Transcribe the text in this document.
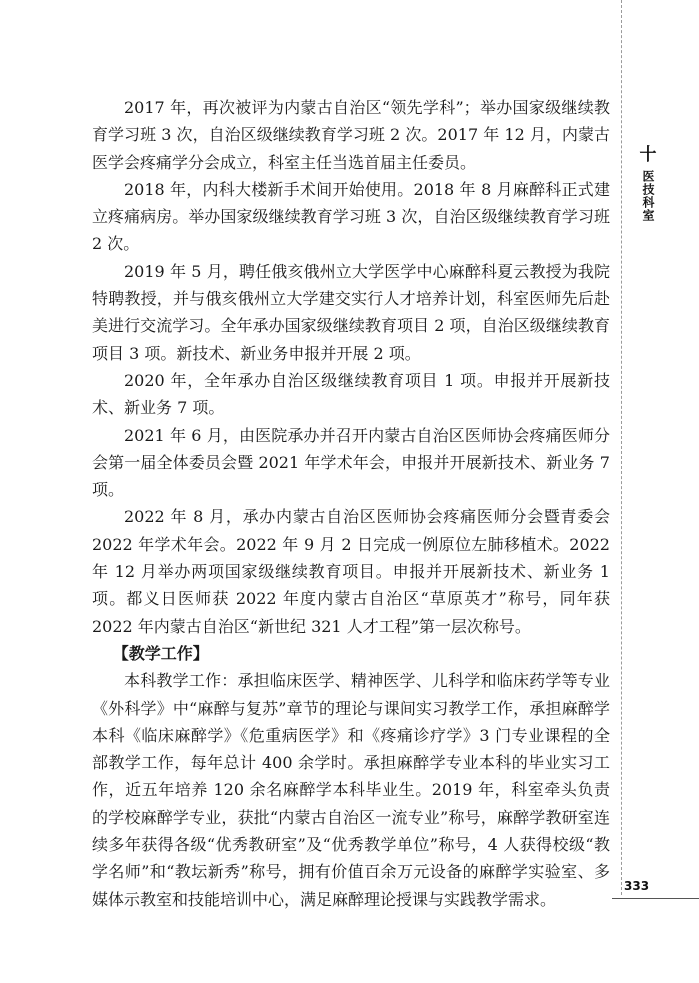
十
医技科室

2017 年，再次被评为内蒙古自治区“领先学科”；举办国家级继续教育学习班 3 次，自治区级继续教育学习班 2 次。2017 年 12 月，内蒙古医学会疼痛学分会成立，科室主任当选首届主任委员。

2018 年，内科大楼新手术间开始使用。2018 年 8 月麻醉科正式建立疼痛病房。举办国家级继续教育学习班 3 次，自治区级继续教育学习班 2 次。

2019 年 5 月，聘任俄亥俄州立大学医学中心麻醉科夏云教授为我院特聘教授，并与俄亥俄州立大学建交实行人才培养计划，科室医师先后赴美进行交流学习。全年承办国家级继续教育项目 2 项，自治区级继续教育项目 3 项。新技术、新业务申报并开展 2 项。

2020 年，全年承办自治区级继续教育项目 1 项。申报并开展新技术、新业务 7 项。

2021 年 6 月，由医院承办并召开内蒙古自治区医师协会疼痛医师分会第一届全体委员会暨 2021 年学术年会，申报并开展新技术、新业务 7 项。

2022 年 8 月，承办内蒙古自治区医师协会疼痛医师分会暨青委会 2022 年学术年会。2022 年 9 月 2 日完成一例原位左肺移植术。2022 年 12 月举办两项国家级继续教育项目。申报并开展新技术、新业务 1 项。都义日医师获 2022 年度内蒙古自治区“草原英才”称号，同年获 2022 年内蒙古自治区“新世纪 321 人才工程”第一层次称号。

【教学工作】

本科教学工作：承担临床医学、精神医学、儿科学和临床药学等专业《外科学》中“麻醉与复苏”章节的理论与课间实习教学工作，承担麻醉学本科《临床麻醉学》《危重病医学》和《疼痛诊疗学》3 门专业课程的全部教学工作，每年总计 400 余学时。承担麻醉学专业本科的毕业实习工作，近五年培养 120 余名麻醉学本科毕业生。2019 年，科室牵头负责的学校麻醉学专业，获批“内蒙古自治区一流专业”称号，麻醉学教研室连续多年获得各级“优秀教研室”及“优秀教学单位”称号，4 人获得校级“教学名师”和“教坛新秀”称号，拥有价值百余万元设备的麻醉学实验室、多媒体示教室和技能培训中心，满足麻醉理论授课与实践教学需求。

333
